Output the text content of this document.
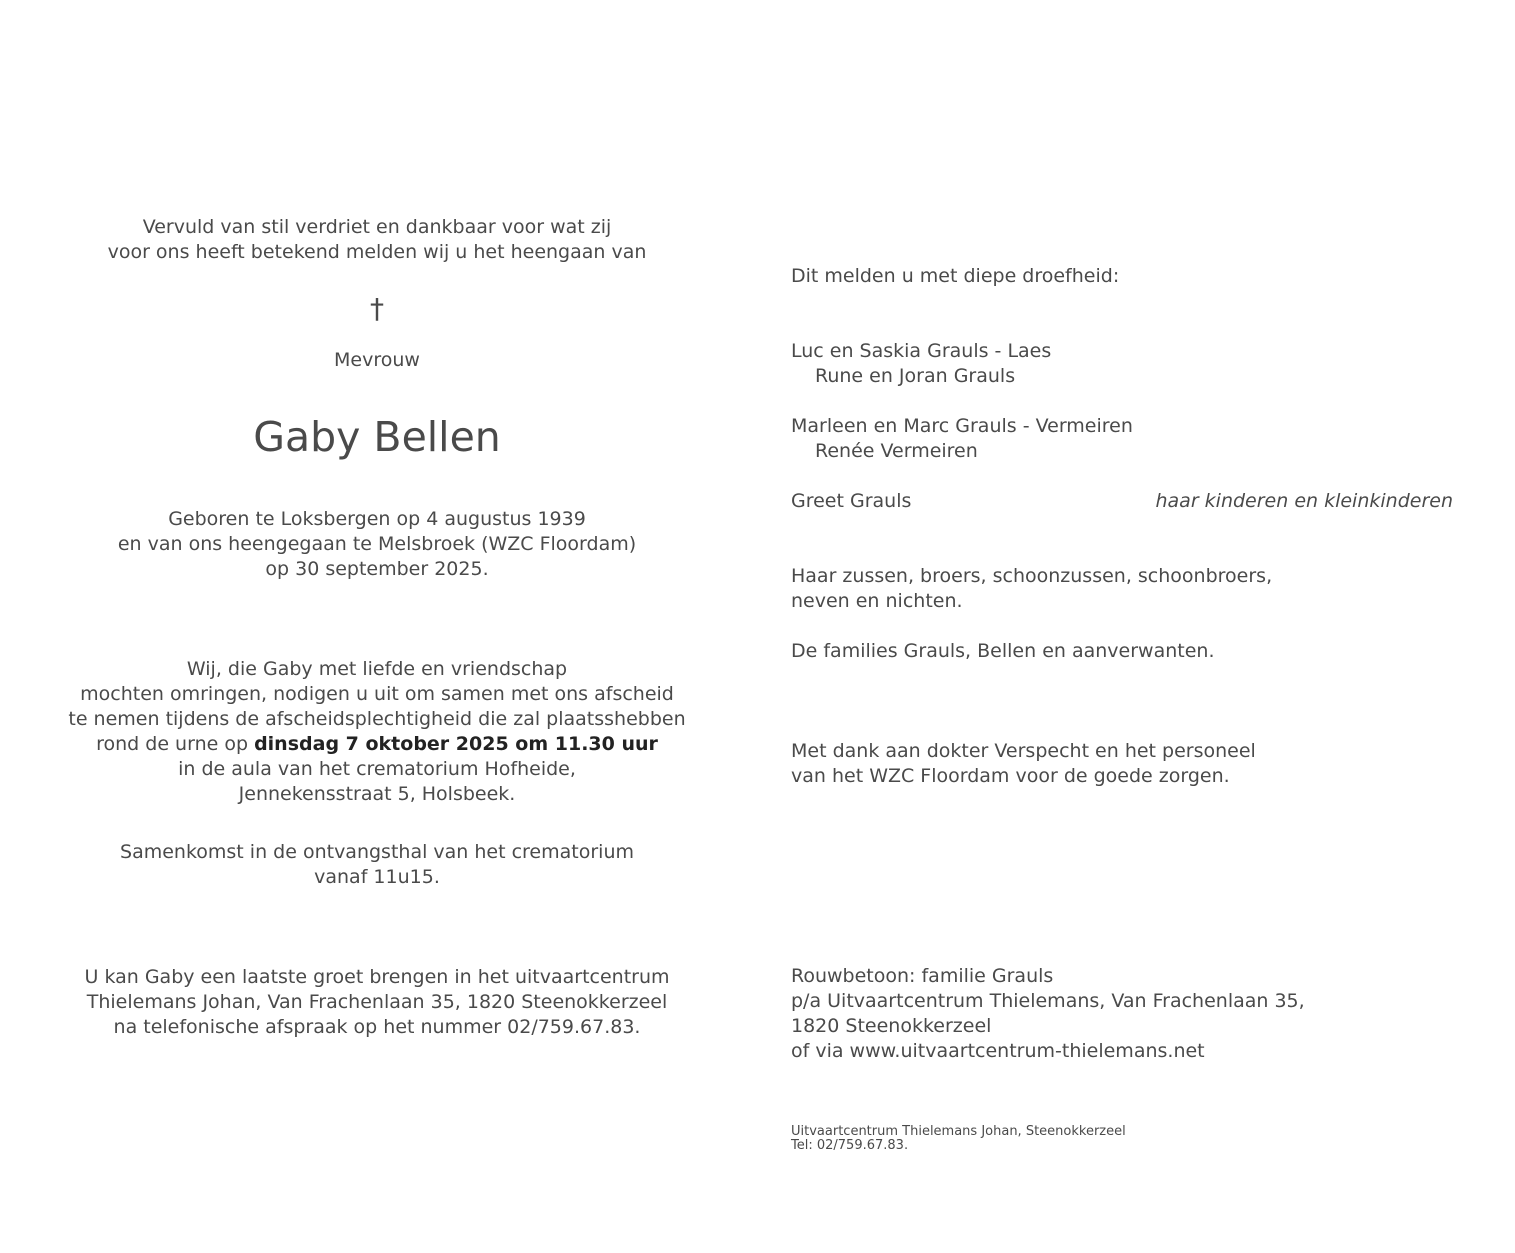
Vervuld van stil verdriet en dankbaar voor wat zij
voor ons heeft betekend melden wij u het heengaan van
†
Mevrouw
Gaby Bellen
Geboren te Loksbergen op 4 augustus 1939
en van ons heengegaan te Melsbroek (WZC Floordam)
op 30 september 2025.
Wij, die Gaby met liefde en vriendschap
mochten omringen, nodigen u uit om samen met ons afscheid
te nemen tijdens de afscheidsplechtigheid die zal plaatsshebben
rond de urne op dinsdag 7 oktober 2025 om 11.30 uur
in de aula van het crematorium Hofheide,
Jennekensstraat 5, Holsbeek.
Samenkomst in de ontvangsthal van het crematorium
vanaf 11u15.
U kan Gaby een laatste groet brengen in het uitvaartcentrum
Thielemans Johan, Van Frachenlaan 35, 1820 Steenokkerzeel
na telefonische afspraak op het nummer 02/759.67.83.
Dit melden u met diepe droefheid:
Luc en Saskia Grauls - Laes
Rune en Joran Grauls
Marleen en Marc Grauls - Vermeiren
Renée Vermeiren
Greet Grauls	haar kinderen en kleinkinderen
Haar zussen, broers, schoonzussen, schoonbroers,
neven en nichten.
De families Grauls, Bellen en aanverwanten.
Met dank aan dokter Verspecht en het personeel
van het WZC Floordam voor de goede zorgen.
Rouwbetoon: familie Grauls
p/a Uitvaartcentrum Thielemans, Van Frachenlaan 35,
1820 Steenokkerzeel
of via www.uitvaartcentrum-thielemans.net
Uitvaartcentrum Thielemans Johan, Steenokkerzeel
Tel: 02/759.67.83.
